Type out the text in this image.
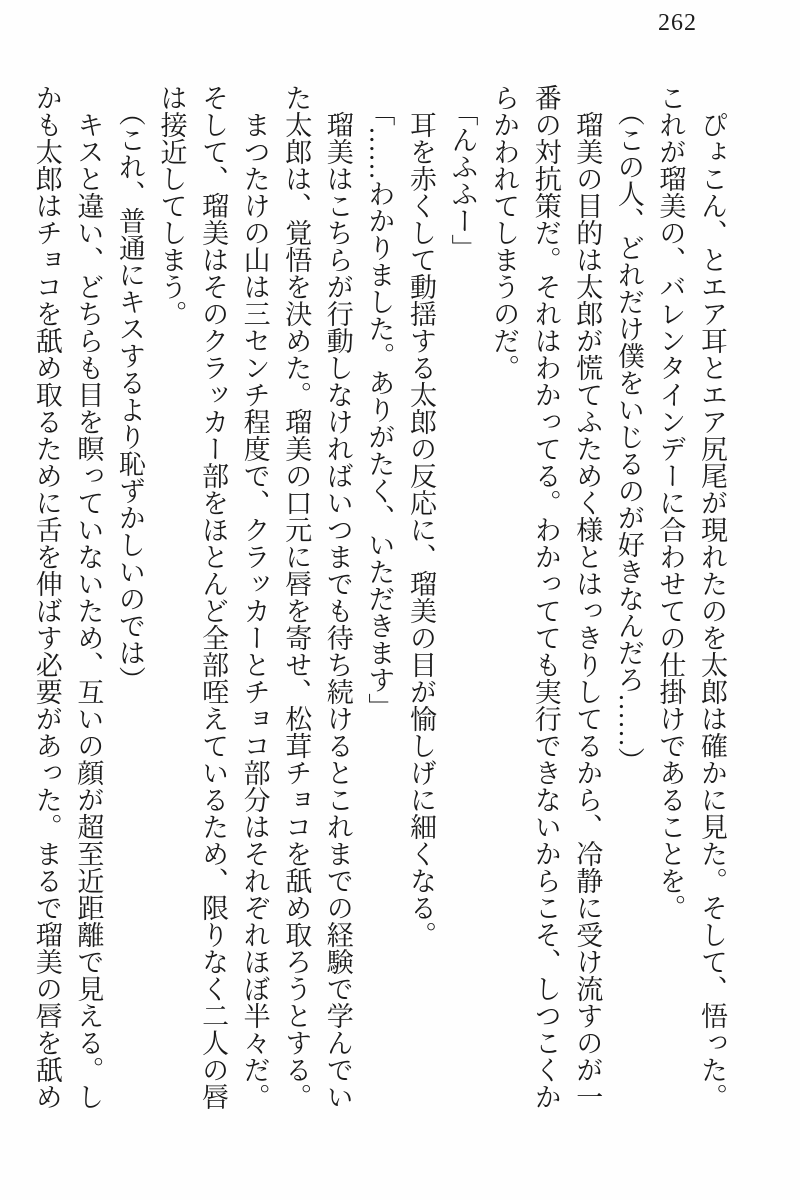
262

ぴょこん、とエア耳とエア尻尾が現れたのを太郎は確かに見た。そして、悟った。

これが瑠美の、バレンタインデーに合わせての仕掛けであることを。

（この人、どれだけ僕をいじるのが好きなんだろ……）

瑠美の目的は太郎が慌てふためく様とはっきりしてるから、冷静に受け流すのが一

番の対抗策だ。それはわかってる。わかってても実行できないからこそ、しつこくか

らかわれてしまうのだ。

「んふふー」

耳を赤くして動揺する太郎の反応に、瑠美の目が愉しげに細くなる。

「……わかりました。ありがたく、いただきます」

瑠美はこちらが行動しなければいつまでも待ち続けるとこれまでの経験で学んでい

た太郎は、覚悟を決めた。瑠美の口元に唇を寄せ、松茸チョコを舐め取ろうとする。

まつたけの山は三センチ程度で、クラッカーとチョコ部分はそれぞれほぼ半々だ。

そして、瑠美はそのクラッカー部をほとんど全部咥えているため、限りなく二人の唇

は接近してしまう。

（これ、普通にキスするより恥ずかしいのでは）

キスと違い、どちらも目を瞑っていないため、互いの顔が超至近距離で見える。し

かも太郎はチョコを舐め取るために舌を伸ばす必要があった。まるで瑠美の唇を舐め
